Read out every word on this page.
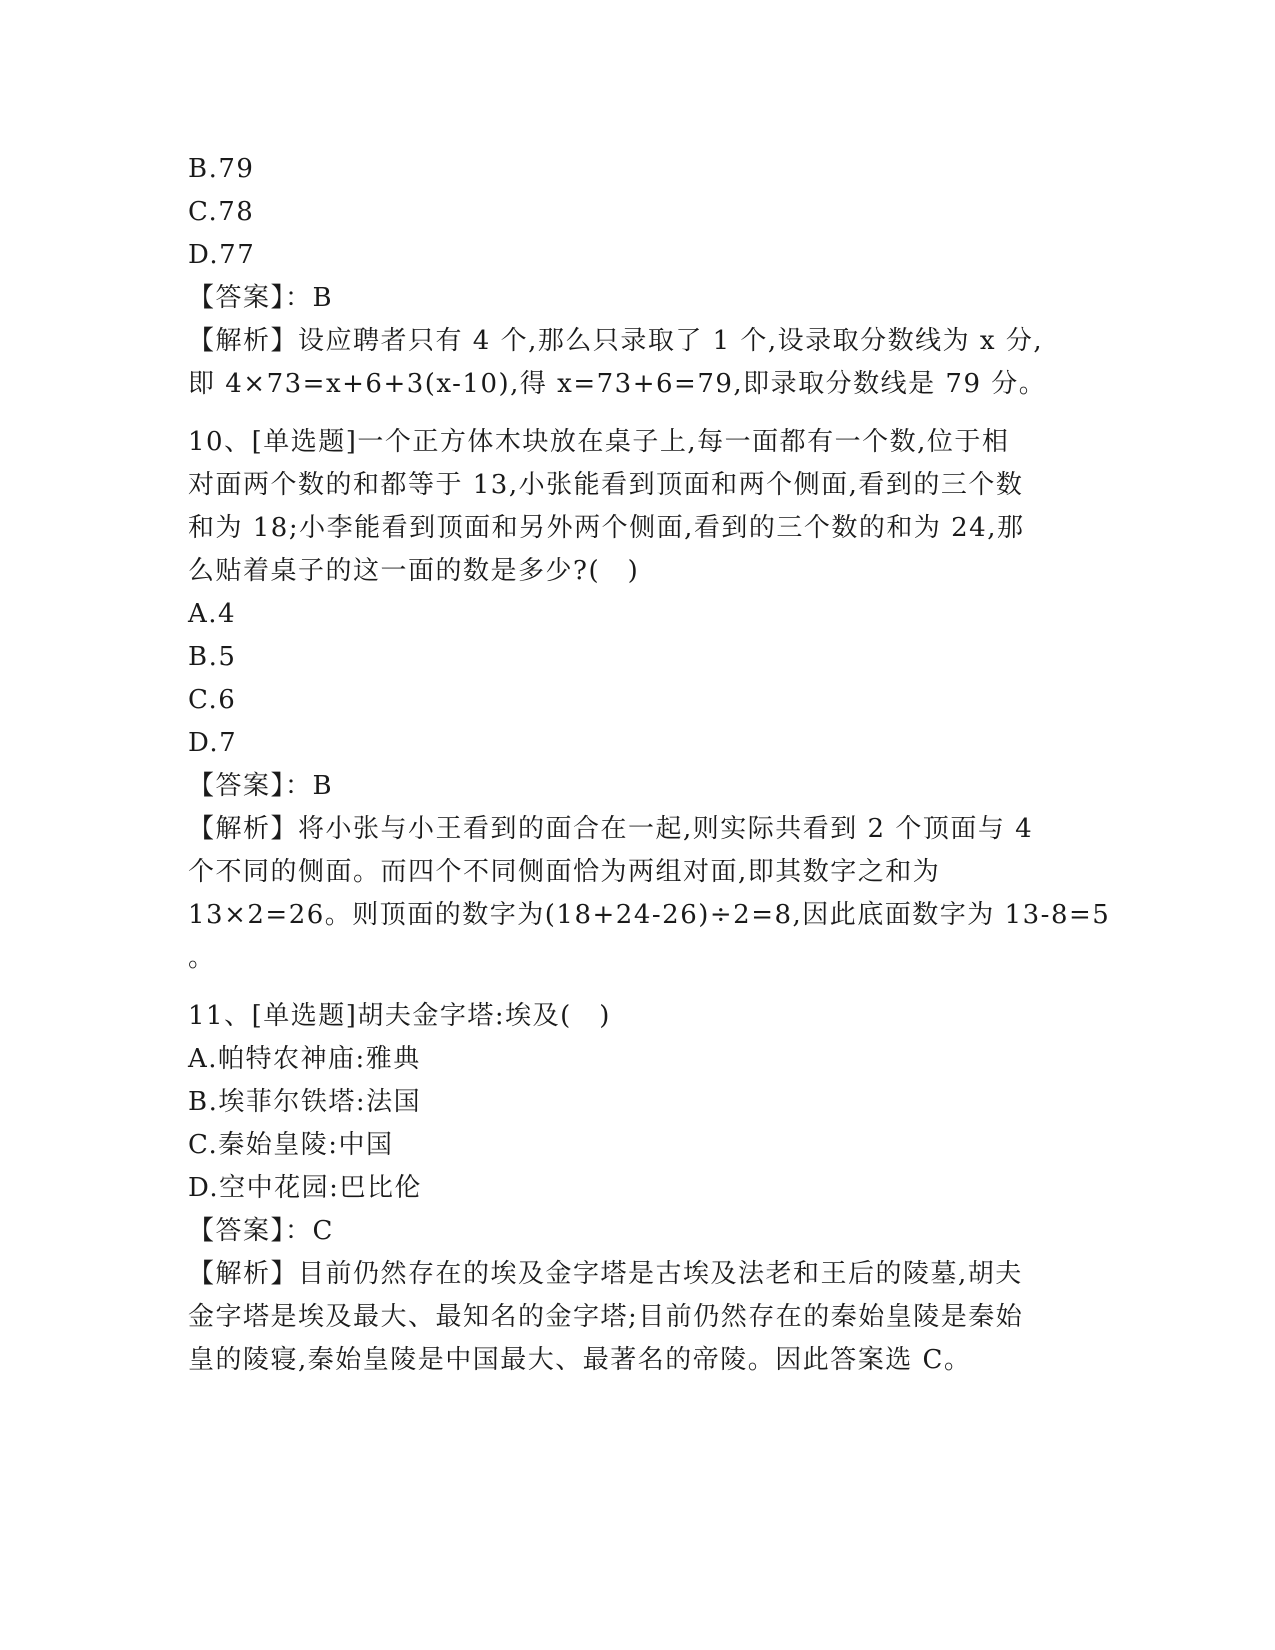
B.79

C.78

D.77

【答案】：B

【解析】设应聘者只有 4 个,那么只录取了 1 个,设录取分数线为 x 分,

即 4×73=x+6+3(x-10),得 x=73+6=79,即录取分数线是 79 分。

10、[单选题]一个正方体木块放在桌子上,每一面都有一个数,位于相

对面两个数的和都等于 13,小张能看到顶面和两个侧面,看到的三个数

和为 18;小李能看到顶面和另外两个侧面,看到的三个数的和为 24,那

么贴着桌子的这一面的数是多少?(　)

A.4

B.5

C.6

D.7

【答案】：B

【解析】将小张与小王看到的面合在一起,则实际共看到 2 个顶面与 4

个不同的侧面。而四个不同侧面恰为两组对面,即其数字之和为

13×2=26。则顶面的数字为(18+24-26)÷2=8,因此底面数字为 13-8=5

。

11、[单选题]胡夫金字塔:埃及(　)

A.帕特农神庙:雅典

B.埃菲尔铁塔:法国

C.秦始皇陵:中国

D.空中花园:巴比伦

【答案】：C

【解析】目前仍然存在的埃及金字塔是古埃及法老和王后的陵墓,胡夫

金字塔是埃及最大、最知名的金字塔;目前仍然存在的秦始皇陵是秦始

皇的陵寝,秦始皇陵是中国最大、最著名的帝陵。因此答案选 C。
